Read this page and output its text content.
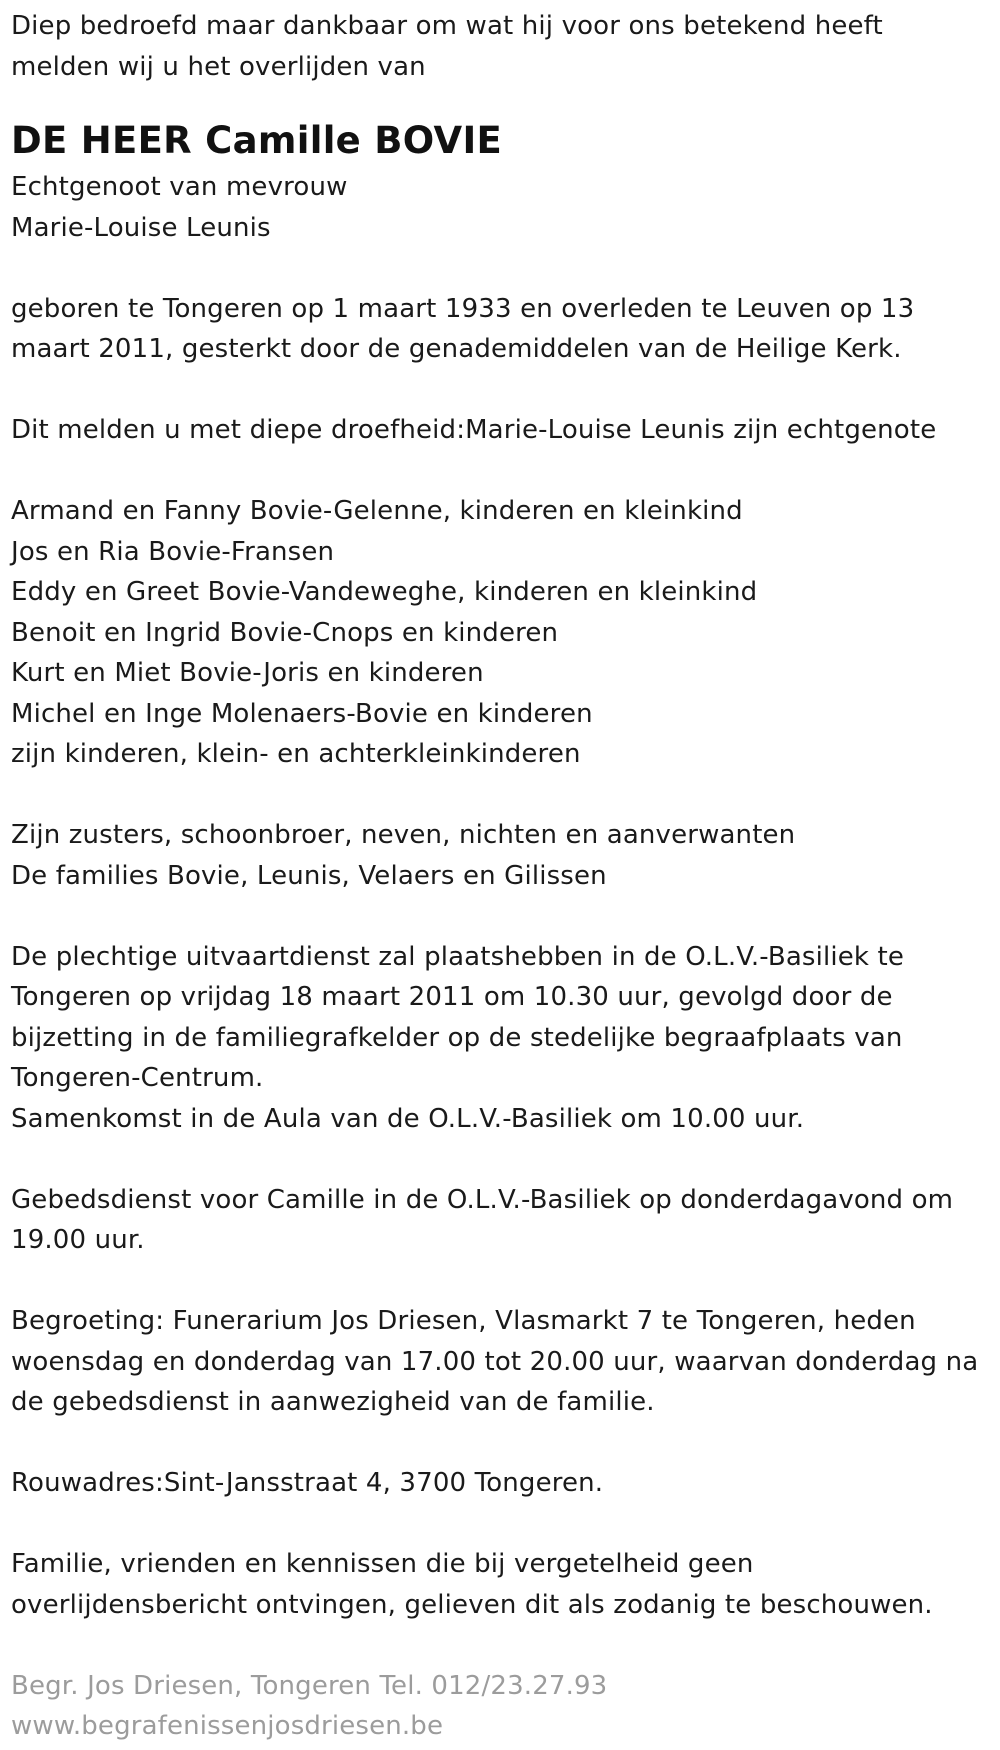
Diep bedroefd maar dankbaar om wat hij voor ons betekend heeft

melden wij u het overlijden van

DE HEER Camille BOVIE

Echtgenoot van mevrouw

Marie-Louise Leunis

geboren te Tongeren op 1 maart 1933 en overleden te Leuven op 13

maart 2011, gesterkt door de genademiddelen van de Heilige Kerk.

Dit melden u met diepe droefheid:Marie-Louise Leunis zijn echtgenote

Armand en Fanny Bovie-Gelenne, kinderen en kleinkind

Jos en Ria Bovie-Fransen

Eddy en Greet Bovie-Vandeweghe, kinderen en kleinkind

Benoit en Ingrid Bovie-Cnops en kinderen

Kurt en Miet Bovie-Joris en kinderen

Michel en Inge Molenaers-Bovie en kinderen

zijn kinderen, klein- en achterkleinkinderen

Zijn zusters, schoonbroer, neven, nichten en aanverwanten

De families Bovie, Leunis, Velaers en Gilissen

De plechtige uitvaartdienst zal plaatshebben in de O.L.V.-Basiliek te

Tongeren op vrijdag 18 maart 2011 om 10.30 uur, gevolgd door de

bijzetting in de familiegrafkelder op de stedelijke begraafplaats van

Tongeren-Centrum.

Samenkomst in de Aula van de O.L.V.-Basiliek om 10.00 uur.

Gebedsdienst voor Camille in de O.L.V.-Basiliek op donderdagavond om

19.00 uur.

Begroeting: Funerarium Jos Driesen, Vlasmarkt 7 te Tongeren, heden

woensdag en donderdag van 17.00 tot 20.00 uur, waarvan donderdag na

de gebedsdienst in aanwezigheid van de familie.

Rouwadres:Sint-Jansstraat 4, 3700 Tongeren.

Familie, vrienden en kennissen die bij vergetelheid geen

overlijdensbericht ontvingen, gelieven dit als zodanig te beschouwen.

Begr. Jos Driesen, Tongeren Tel. 012/23.27.93

www.begrafenissenjosdriesen.be
